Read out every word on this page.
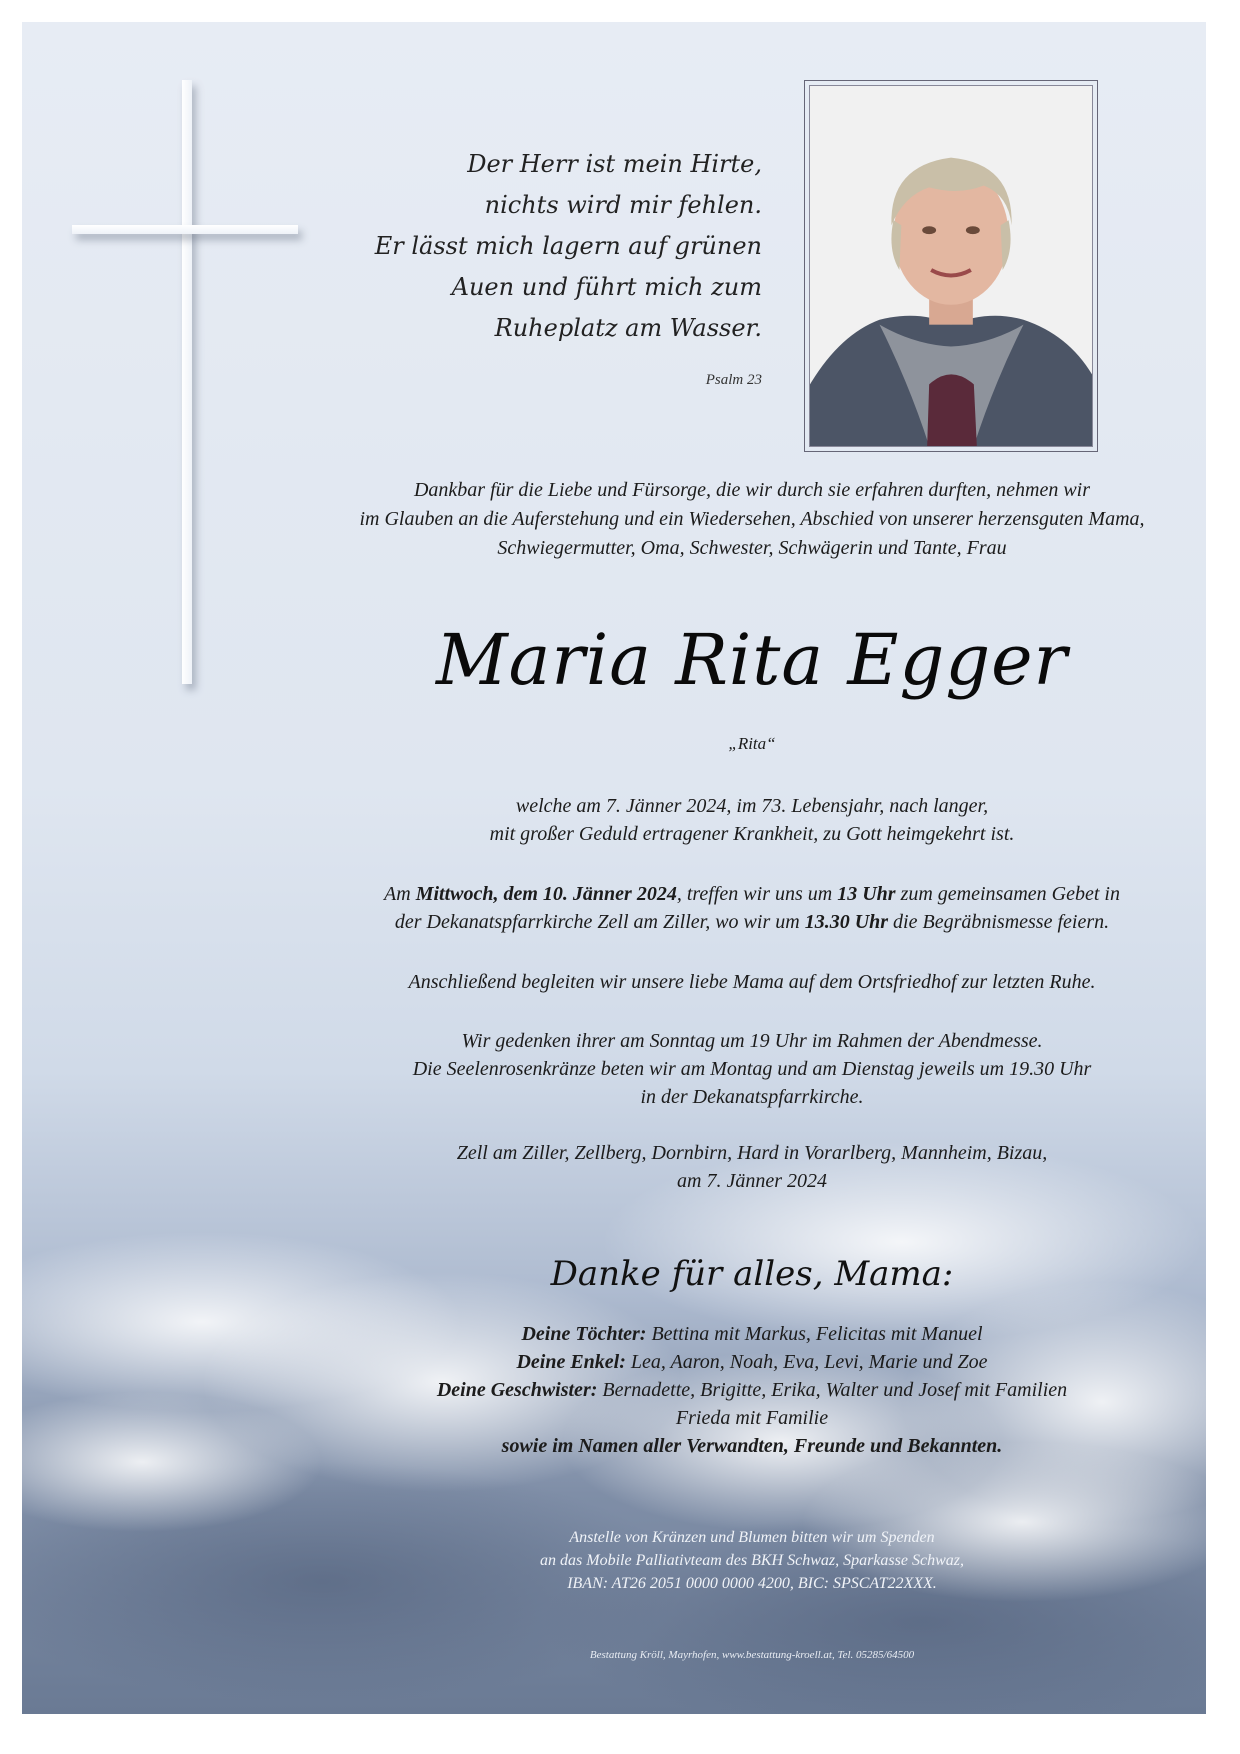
Der Herr ist mein Hirte,
nichts wird mir fehlen.
Er lässt mich lagern auf grünen
Auen und führt mich zum
Ruheplatz am Wasser.
Psalm 23
Dankbar für die Liebe und Fürsorge, die wir durch sie erfahren durften, nehmen wir
im Glauben an die Auferstehung und ein Wiedersehen, Abschied von unserer herzensguten Mama,
Schwiegermutter, Oma, Schwester, Schwägerin und Tante, Frau
Maria Rita Egger
„Rita“
welche am 7. Jänner 2024, im 73. Lebensjahr, nach langer,
mit großer Geduld ertragener Krankheit, zu Gott heimgekehrt ist.
Am Mittwoch, dem 10. Jänner 2024, treffen wir uns um 13 Uhr zum gemeinsamen Gebet in
der Dekanatspfarrkirche Zell am Ziller, wo wir um 13.30 Uhr die Begräbnismesse feiern.
Anschließend begleiten wir unsere liebe Mama auf dem Ortsfriedhof zur letzten Ruhe.
Wir gedenken ihrer am Sonntag um 19 Uhr im Rahmen der Abendmesse.
Die Seelenrosenkränze beten wir am Montag und am Dienstag jeweils um 19.30 Uhr
in der Dekanatspfarrkirche.
Zell am Ziller, Zellberg, Dornbirn, Hard in Vorarlberg, Mannheim, Bizau,
am 7. Jänner 2024
Danke für alles, Mama:
Deine Töchter: Bettina mit Markus, Felicitas mit Manuel
Deine Enkel: Lea, Aaron, Noah, Eva, Levi, Marie und Zoe
Deine Geschwister: Bernadette, Brigitte, Erika, Walter und Josef mit Familien
Frieda mit Familie
sowie im Namen aller Verwandten, Freunde und Bekannten.
Anstelle von Kränzen und Blumen bitten wir um Spenden
an das Mobile Palliativteam des BKH Schwaz, Sparkasse Schwaz,
IBAN: AT26 2051 0000 0000 4200, BIC: SPSCAT22XXX.
Bestattung Kröll, Mayrhofen, www.bestattung-kroell.at, Tel. 05285/64500
